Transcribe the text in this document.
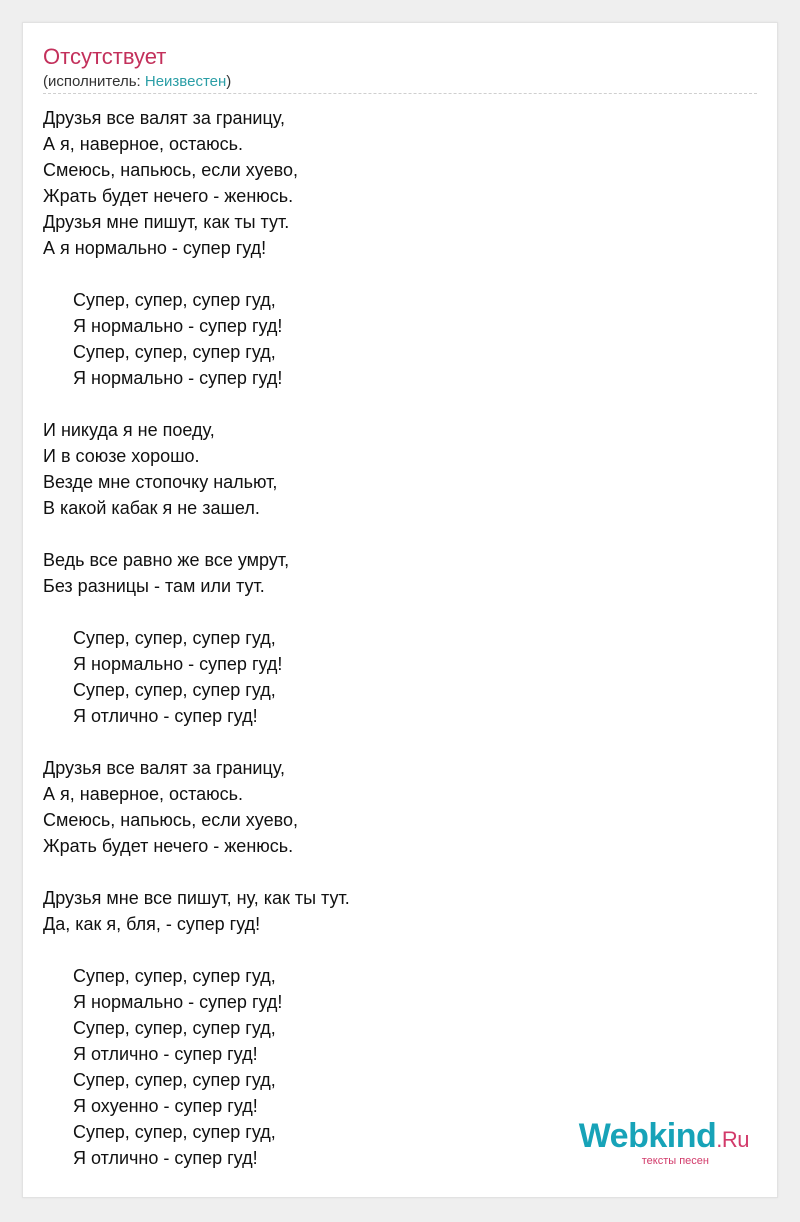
Отсутствует
(исполнитель: Неизвестен)
Друзья все валят за границу,
А я, наверное, остаюсь.
Смеюсь, напьюсь, если хуево,
Жрать будет нечего - женюсь.
Друзья мне пишут, как ты тут.
А я нормально - супер гуд!
Супер, супер, супер гуд,
Я нормально - супер гуд!
Супер, супер, супер гуд,
Я нормально - супер гуд!
И никуда я не поеду,
И в союзе хорошо.
Везде мне стопочку нальют,
В какой кабак я не зашел.
Ведь все равно же все умрут,
Без разницы - там или тут.
Супер, супер, супер гуд,
Я нормально - супер гуд!
Супер, супер, супер гуд,
Я отлично - супер гуд!
Друзья все валят за границу,
А я, наверное, остаюсь.
Смеюсь, напьюсь, если хуево,
Жрать будет нечего - женюсь.
Друзья мне все пишут, ну, как ты тут.
Да, как я, бля, - супер гуд!
Супер, супер, супер гуд,
Я нормально - супер гуд!
Супер, супер, супер гуд,
Я отлично - супер гуд!
Супер, супер, супер гуд,
Я охуенно - супер гуд!
Супер, супер, супер гуд,
Я отлично - супер гуд!
Webkind.Ru
тексты песен
